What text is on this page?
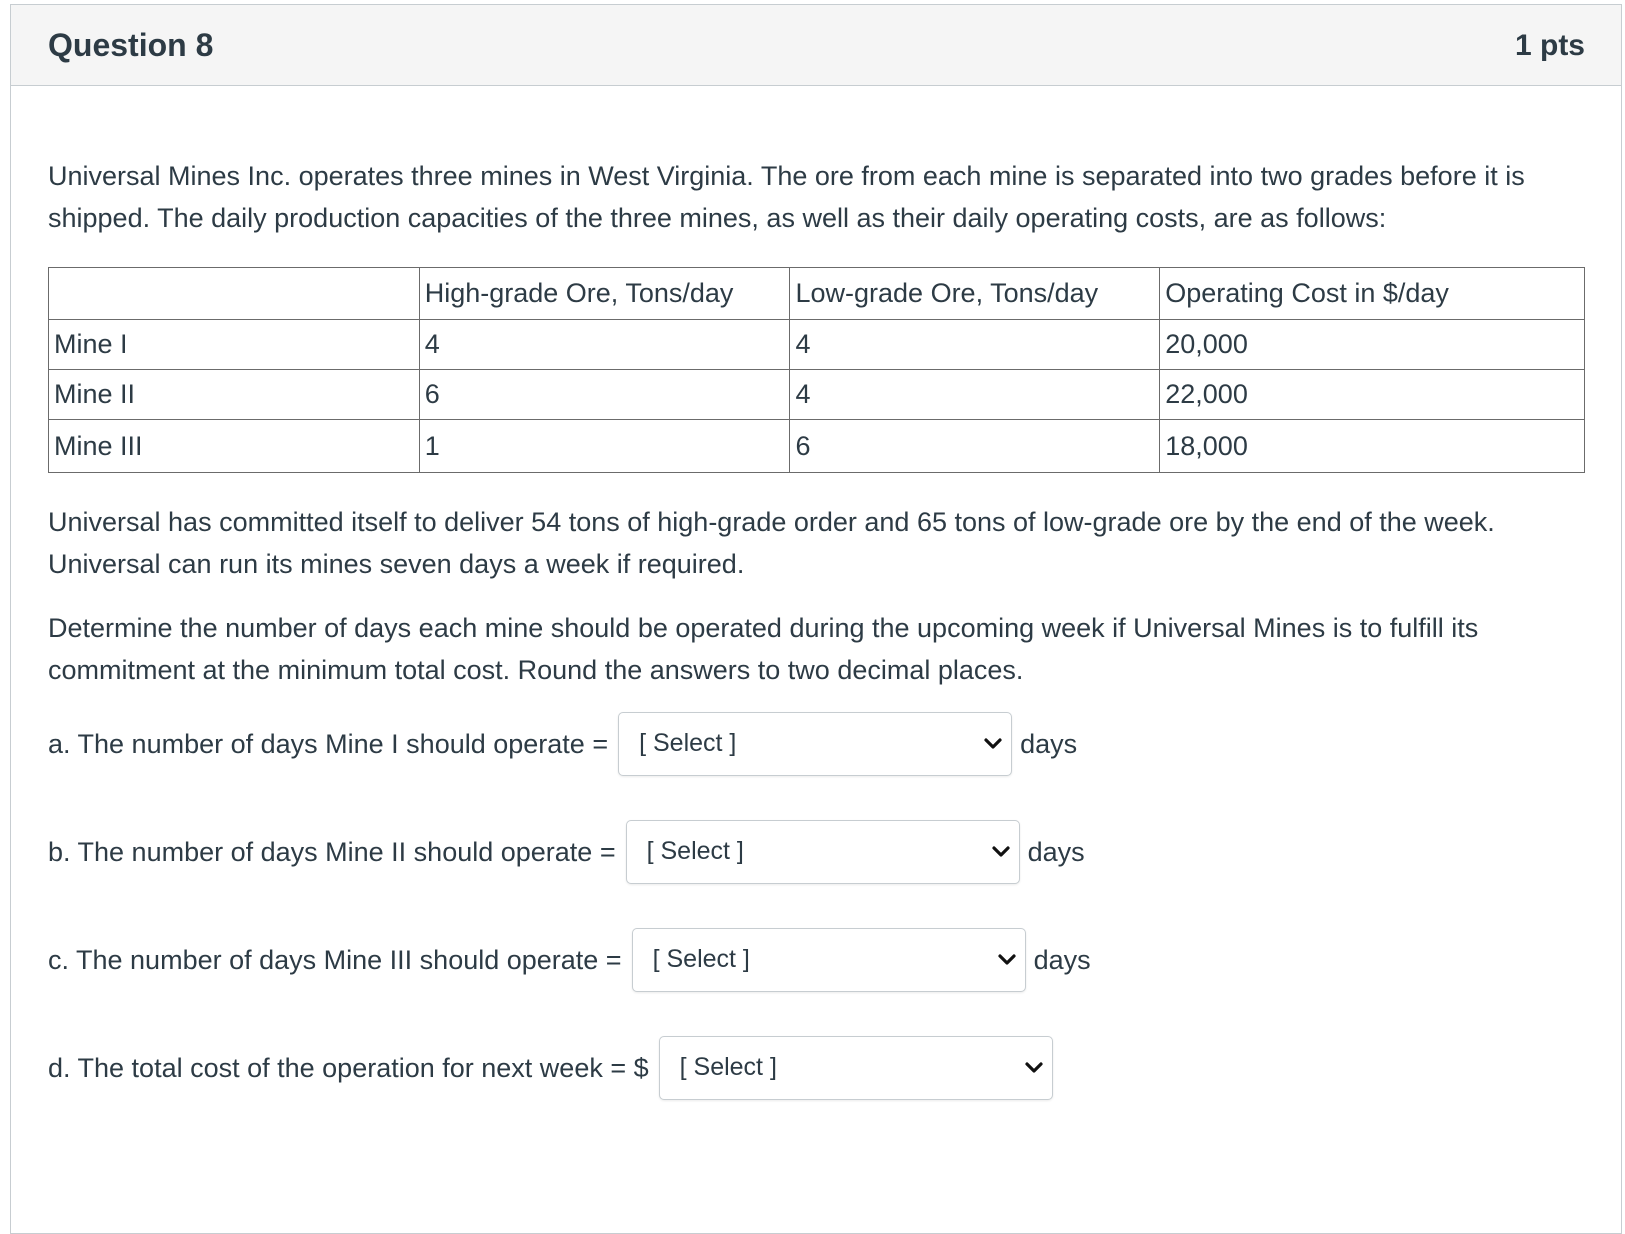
Question 8	1 pts
Universal Mines Inc. operates three mines in West Virginia. The ore from each mine is separated into two grades before it is shipped. The daily production capacities of the three mines, as well as their daily operating costs, are as follows:
	High-grade Ore, Tons/day	Low-grade Ore, Tons/day	Operating Cost in $/day
Mine I	4	4	20,000
Mine II	6	4	22,000
Mine III	1	6	18,000
Universal has committed itself to deliver 54 tons of high-grade order and 65 tons of low-grade ore by the end of the week. Universal can run its mines seven days a week if required.
Determine the number of days each mine should be operated during the upcoming week if Universal Mines is to fulfill its commitment at the minimum total cost. Round the answers to two decimal places.
a. The number of days Mine I should operate = [ Select ]	days
b. The number of days Mine II should operate = [ Select ]	days
c. The number of days Mine III should operate = [ Select ]	days
d. The total cost of the operation for next week = $ [ Select ]
